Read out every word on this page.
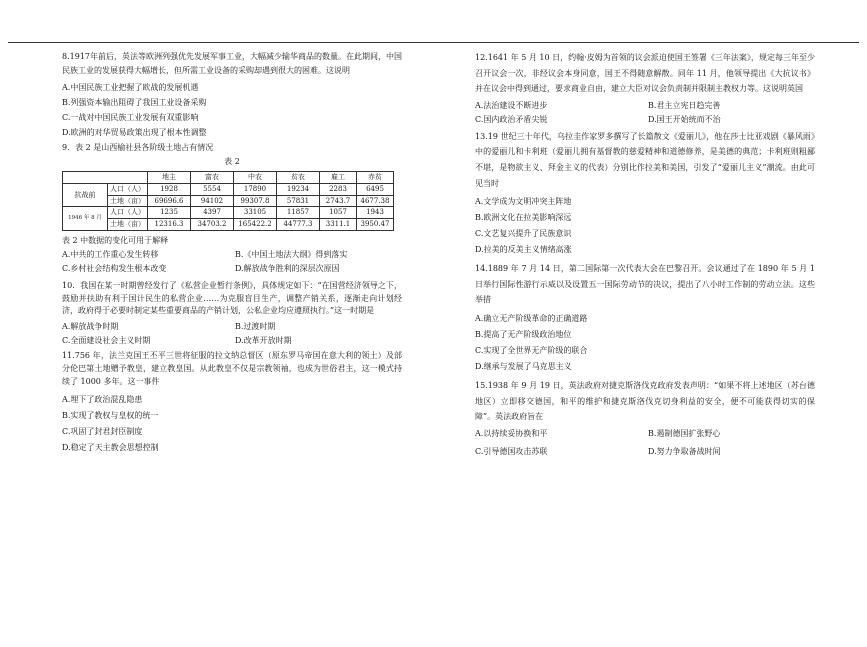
8.1917年前后，英法等欧洲列强优先发展军事工业，大幅减少输华商品的数量。在此期间，中国民族工业的发展获得大幅增长，但所需工业设备的采购却遇到很大的困难。这说明

A.中国民族工业把握了欧战的发展机遇

B.列强资本输出阻碍了我国工业设备采购

C.一战对中国民族工业发展有双重影响

D.欧洲的对华贸易政策出现了根本性调整

9．表 2 是山西榆社县各阶级土地占有情况

表 2
		地主	富农	中农	贫农	雇工	赤贫
抗战前	人口（人）	1928	5554	17890	19234	2283	6495
	土地（亩）	69696.6	94102	99307.8	57831	2743.7	4677.38
1946 年 8 月	人口（人）	1235	4397	33105	11857	1057	1943
	土地（亩）	12316.3	34703.2	165422.2	44777.3	3311.1	3950.47

表 2 中数据的变化可用于解释

A.中共的工作重心发生转移	B.《中国土地法大纲》得到落实
C.乡村社会结构发生根本改变	D.解放战争胜利的深层次原因

10．我国在某一时期曾经发行了《私营企业暂行条例》，具体规定如下：“在国营经济领导之下，鼓励并扶助有利于国计民生的私营企业……为克服盲目生产，调整产销关系，逐渐走向计划经济，政府得于必要时制定某些重要商品的产销计划，公私企业均应遵照执行。”这一时期是

A.解放战争时期	B.过渡时期
C.全面建设社会主义时期	D.改革开放时期

11.756 年，法兰克国王丕平三世将征服的拉文纳总督区（原东罗马帝国在意大利的领土）及部分伦巴第土地赠予教皇，建立教皇国。从此教皇不仅是宗教领袖，也成为世俗君主，这一模式持续了 1000 多年。这一事件

A.埋下了政治混乱隐患

B.实现了教权与皇权的统一

C.巩固了封君封臣制度

D.稳定了天主教会思想控制

12.1641 年 5 月 10 日，约翰·皮姆为首领的议会派迫使国王签署《三年法案》，规定每三年至少召开议会一次，非经议会本身同意，国王不得随意解散。同年 11 月，他领导提出《大抗议书》并在议会中得到通过，要求商业自由，建立大臣对议会负责制并限制主教权力等。这说明英国

A.法治建设不断进步	B.君主立宪日趋完善
C.国内政治矛盾尖锐	D.国王开始统而不治

13.19 世纪三十年代，乌拉圭作家罗多撰写了长篇散文《爱丽儿》，他在莎士比亚戏剧《暴风雨》中的爱丽儿和卡利班（爱丽儿拥有基督教的慈爱精神和道德修养，是美德的典范；卡利班则粗鄙不堪，是物欲主义、拜金主义的代表）分别比作拉美和美国，引发了“爱丽儿主义”潮流。由此可见当时

A.文学成为文明冲突主阵地

B.欧洲文化在拉美影响深远

C.文艺复兴提升了民族意识

D.拉美的反美主义情绪高涨

14.1889 年 7 月 14 日，第二国际第一次代表大会在巴黎召开。会议通过了在 1890 年 5 月 1 日举行国际性游行示威以及设置五一国际劳动节的决议，提出了八小时工作制的劳动立法。这些举措

A.确立无产阶级革命的正确道路

B.提高了无产阶级政治地位

C.实现了全世界无产阶级的联合

D.继承与发展了马克思主义

15.1938 年 9 月 19 日，英法政府对捷克斯洛伐克政府发表声明：“如果不将上述地区（苏台德地区）立即移交德国，和平的维护和捷克斯洛伐克切身利益的安全，便不可能获得切实的保障”。英法政府旨在

A.以持续妥协换和平	B.遏制德国扩张野心
C.引导德国攻击苏联	D.努力争取备战时间
